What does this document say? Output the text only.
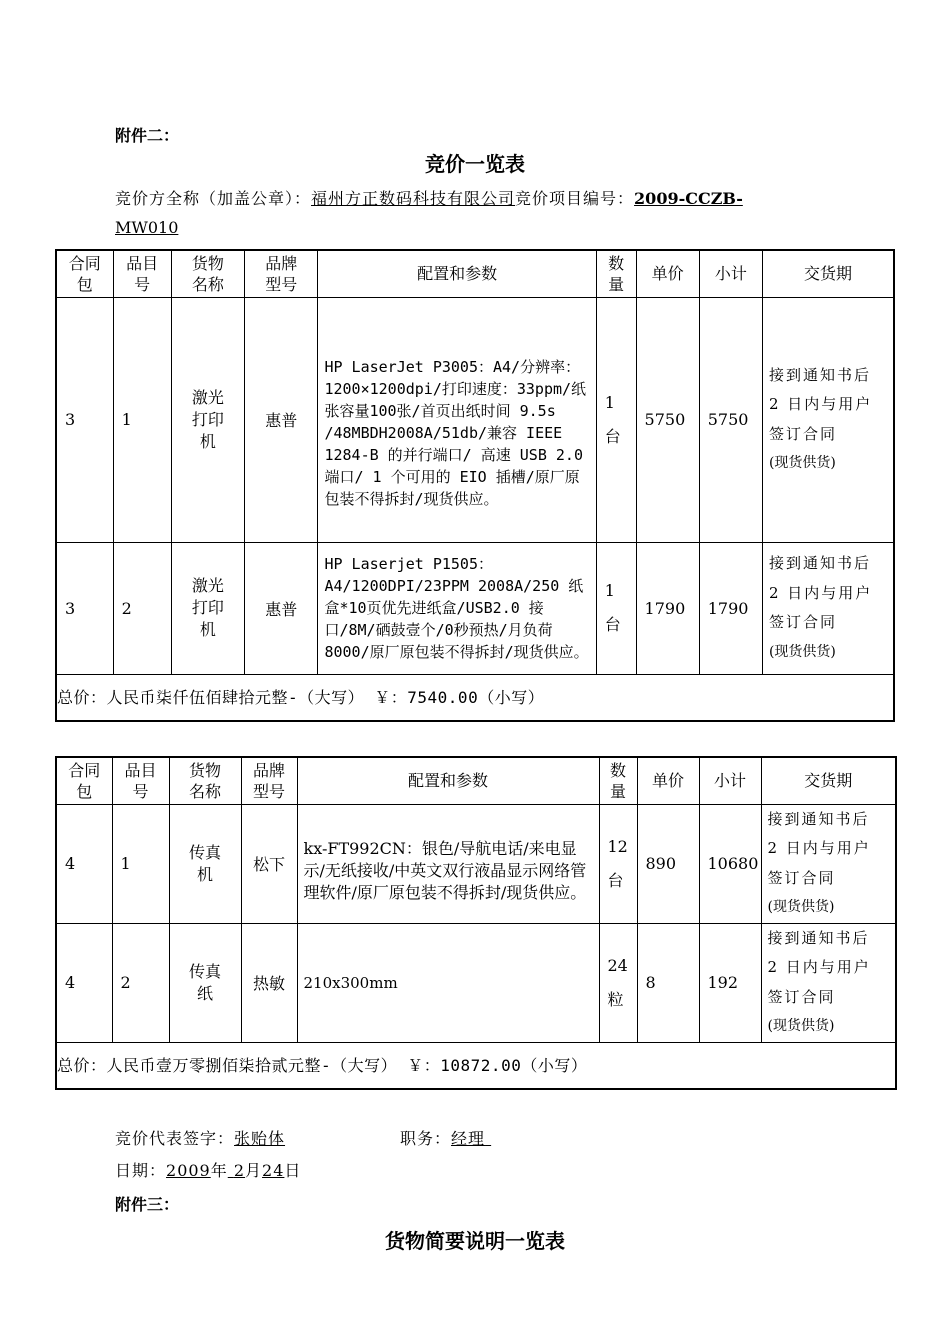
附件二：
竞价一览表
竞价方全称（加盖公章）：福州方正数码科技有限公司竞价项目编号：2009-CCZB-
MW010
合同
包	品目
号	货物
名称	品牌
型号	配置和参数	数
量	单价	小计	交货期
3	1	激光
打印
机	惠普	HP LaserJet P3005：A4/分辨率：1200×1200dpi/打印速度：33ppm/纸张容量100张/首页出纸时间 9.5s /48MBDH2008A/51db/兼容 IEEE 1284-B 的并行端口/ 高速 USB 2.0 端口/ 1 个可用的 EIO 插槽/原厂原包装不得拆封/现货供应。	1
台	5750	5750	接到通知书后
2 日内与用户
签订合同
(现货供货)

3	2	激光
打印
机	惠普	HP Laserjet P1505：A4/1200DPI/23PPM 2008A/250 纸盒*10页优先进纸盒/USB2.0 接口/8M/硒鼓壹个/0秒预热/月负荷8000/原厂原包装不得拆封/现货供应。	1
台	1790	1790	接到通知书后
2 日内与用户
签订合同
(现货供货)

总价：人民币柒仟伍佰肆拾元整-（大写） ￥：7540.00（小写）								
合同
包	品目
号	货物
名称	品牌
型号	配置和参数	数
量	单价	小计	交货期
4	1	传真
机	松下	kx-FT992CN：银色/导航电话/来电显示/无纸接收/中英文双行液晶显示网络管理软件/原厂原包装不得拆封/现货供应。	12
台	890	10680	接到通知书后
2 日内与用户
签订合同
(现货供货)

4	2	传真
纸	热敏	210x300mm	24
粒	8	192	接到通知书后
2 日内与用户
签订合同
(现货供货)

总价：人民币壹万零捌佰柒拾贰元整-（大写） ￥：10872.00（小写）								
竞价代表签字：张贻体	职务：经理
日期：2009年 2月24日
附件三：
货物简要说明一览表
